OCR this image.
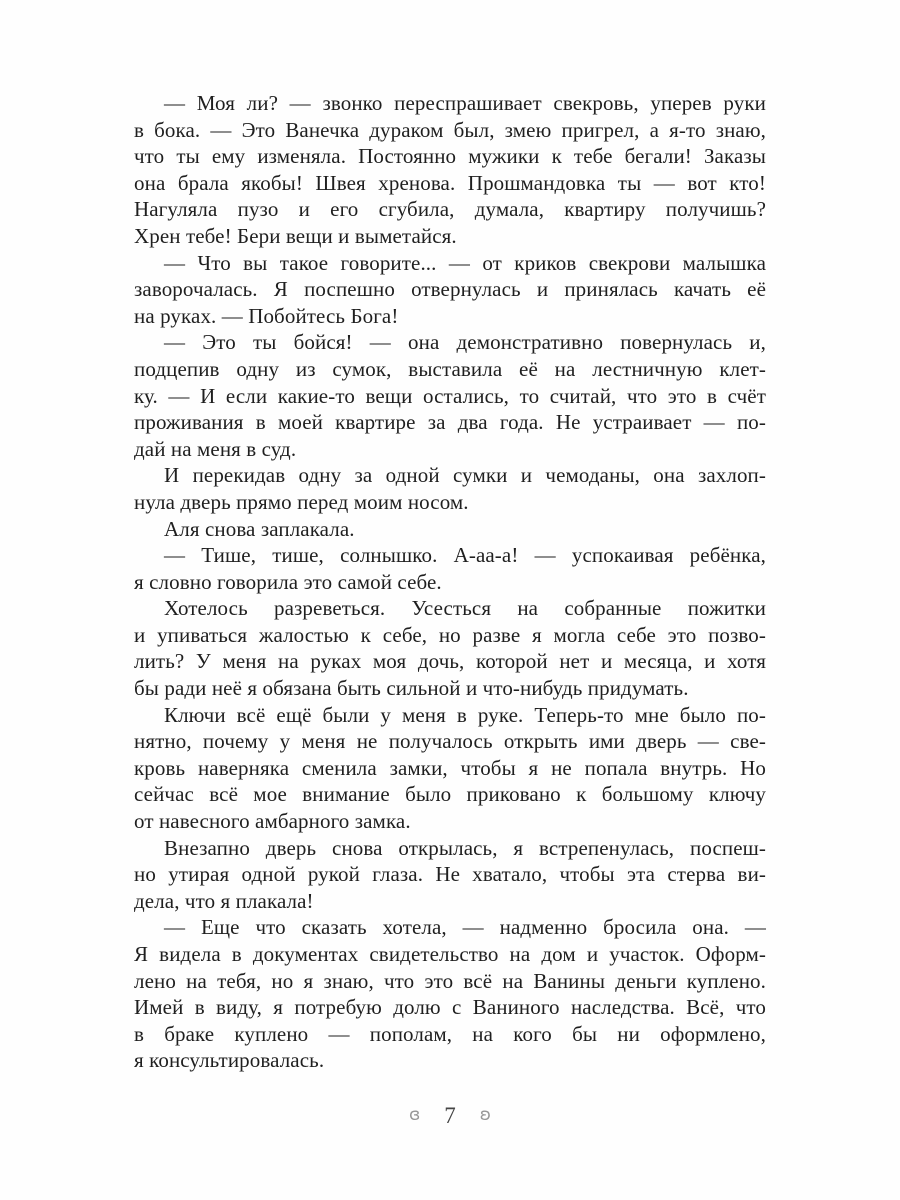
— Моя ли? — звонко переспрашивает свекровь, уперев руки
в бока. — Это Ванечка дураком был, змею пригрел, а я-то знаю,
что ты ему изменяла. Постоянно мужики к тебе бегали! Заказы
она брала якобы! Швея хренова. Прошмандовка ты — вот кто!
Нагуляла пузо и его сгубила, думала, квартиру получишь?
Хрен тебе! Бери вещи и выметайся.
— Что вы такое говорите... — от криков свекрови малышка
заворочалась. Я поспешно отвернулась и принялась качать её
на руках. — Побойтесь Бога!
— Это ты бойся! — она демонстративно повернулась и,
подцепив одну из сумок, выставила её на лестничную клет-
ку. — И если какие-то вещи остались, то считай, что это в счёт
проживания в моей квартире за два года. Не устраивает — по-
дай на меня в суд.
И перекидав одну за одной сумки и чемоданы, она захлоп-
нула дверь прямо перед моим носом.
Аля снова заплакала.
— Тише, тише, солнышко. А-аа-а! — успокаивая ребёнка,
я словно говорила это самой себе.
Хотелось разреветься. Усесться на собранные пожитки
и упиваться жалостью к себе, но разве я могла себе это позво-
лить? У меня на руках моя дочь, которой нет и месяца, и хотя
бы ради неё я обязана быть сильной и что-нибудь придумать.
Ключи всё ещё были у меня в руке. Теперь-то мне было по-
нятно, почему у меня не получалось открыть ими дверь — све-
кровь наверняка сменила замки, чтобы я не попала внутрь. Но
сейчас всё мое внимание было приковано к большому ключу
от навесного амбарного замка.
Внезапно дверь снова открылась, я встрепенулась, поспеш-
но утирая одной рукой глаза. Не хватало, чтобы эта стерва ви-
дела, что я плакала!
— Еще что сказать хотела, — надменно бросила она. —
Я видела в документах свидетельство на дом и участок. Оформ-
лено на тебя, но я знаю, что это всё на Ванины деньги куплено.
Имей в виду, я потребую долю с Ваниного наследства. Всё, что
в браке куплено — пополам, на кого бы ни оформлено,
я консультировалась.
ɞ 7 ʚ
